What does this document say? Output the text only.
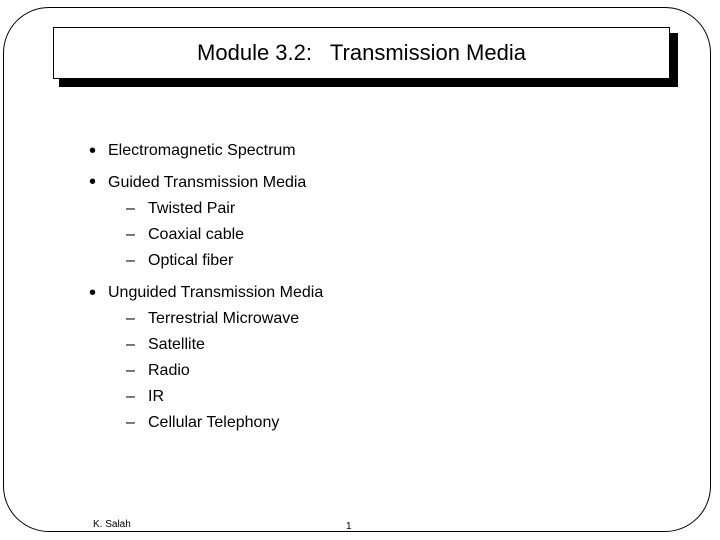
Module 3.2:   Transmission Media
• Electromagnetic Spectrum
• Guided Transmission Media
– Twisted Pair
– Coaxial cable
– Optical fiber
• Unguided Transmission Media
– Terrestrial Microwave
– Satellite
– Radio
– IR
– Cellular Telephony
K. Salah	1
